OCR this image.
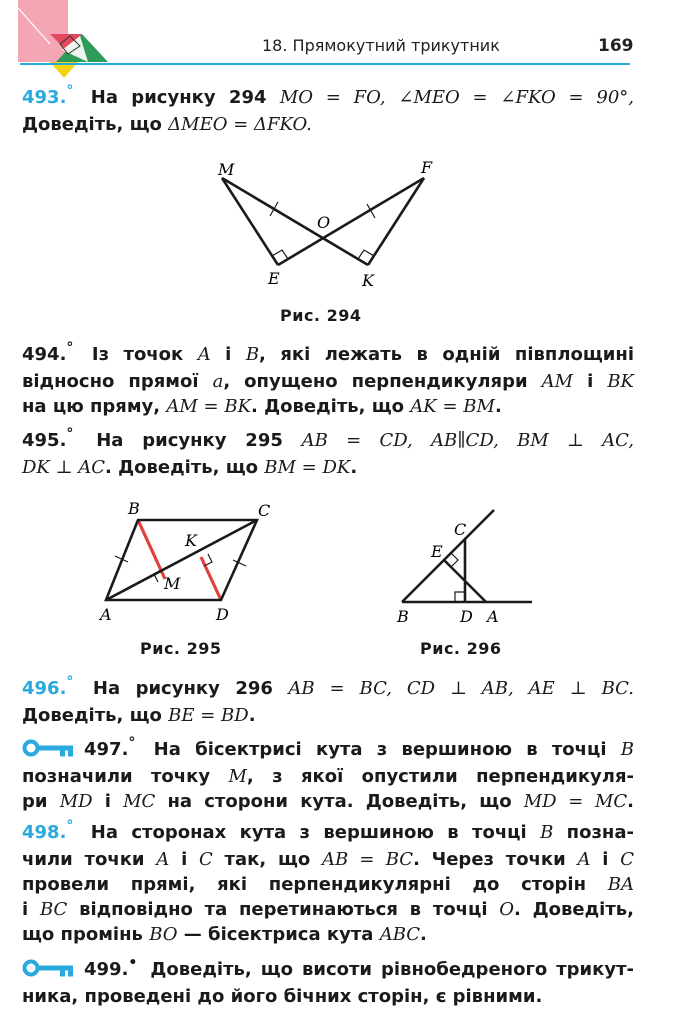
18. Прямокутний трикутник	169
493.° На рисунку 294 MO = FO, ∠MEO = ∠FKO = 90°,
Доведіть, що ΔMEO = ΔFKO.
M	F
O
E	K
Рис. 294
494.° Із точок A і B, які лежать в одній півплощині
відносно прямої a, опущено перпендикуляри AM і BK
на цю пряму, AM = BK. Доведіть, що AK = BM.
495.° На рисунку 295 AB = CD, AB∥CD, BM ⊥ AC,
DK ⊥ AC. Доведіть, що BM = DK.
B	C
K
M
A	D
Рис. 295
C
E
B	D A
Рис. 296
496.° На рисунку 296 AB = BC, CD ⊥ AB, AE ⊥ BC.
Доведіть, що BE = BD.
497.° На бісектрисі кута з вершиною в точці B
позначили точку M, з якої опустили перпендикуля-
ри MD і MC на сторони кута. Доведіть, що MD = MC.
498.° На сторонах кута з вершиною в точці B позна-
чили точки A і C так, що AB = BC. Через точки A і C
провели прямі, які перпендикулярні до сторін BA
і BC відповідно та перетинаються в точці O. Доведіть,
що промінь BO — бісектриса кута ABC.
499.• Доведіть, що висоти рівнобедреного трикут-
ника, проведені до його бічних сторін, є рівними.
